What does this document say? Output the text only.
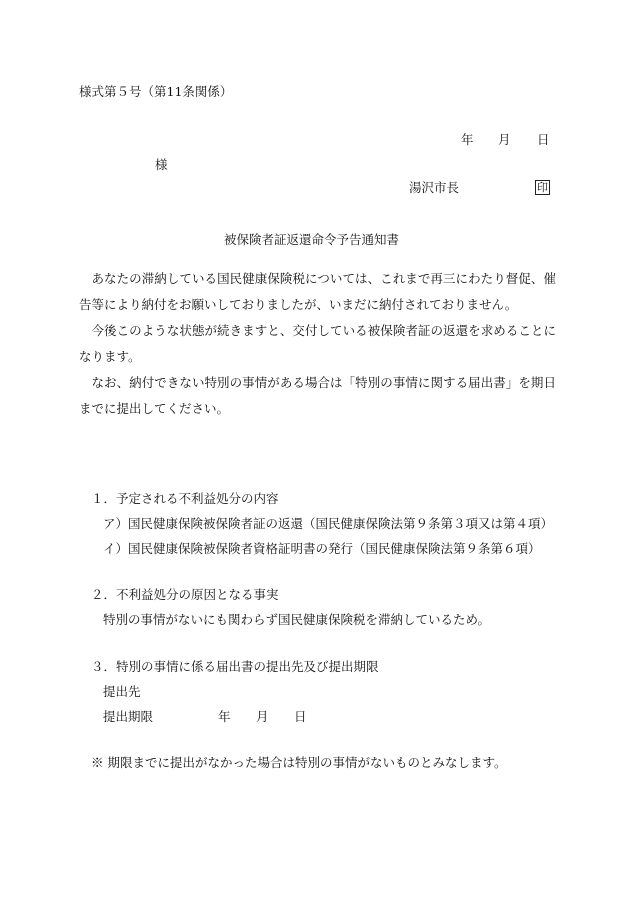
様式第５号（第11条関係）
年 月 日
様
湯沢市長	印
被保険者証返還命令予告通知書
あなたの滞納している国民健康保険税については、これまで再三にわたり督促、催告等により納付をお願いしておりましたが、いまだに納付されておりません。
今後このような状態が続きますと、交付している被保険者証の返還を求めることになります。
なお、納付できない特別の事情がある場合は「特別の事情に関する届出書」を期日までに提出してください。
１．予定される不利益処分の内容
ア）国民健康保険被保険者証の返還（国民健康保険法第９条第３項又は第４項）
イ）国民健康保険被保険者資格証明書の発行（国民健康保険法第９条第６項）
２．不利益処分の原因となる事実
特別の事情がないにも関わらず国民健康保険税を滞納しているため。
３．特別の事情に係る届出書の提出先及び提出期限
提出先
提出期限	年 月 日
※ 期限までに提出がなかった場合は特別の事情がないものとみなします。
